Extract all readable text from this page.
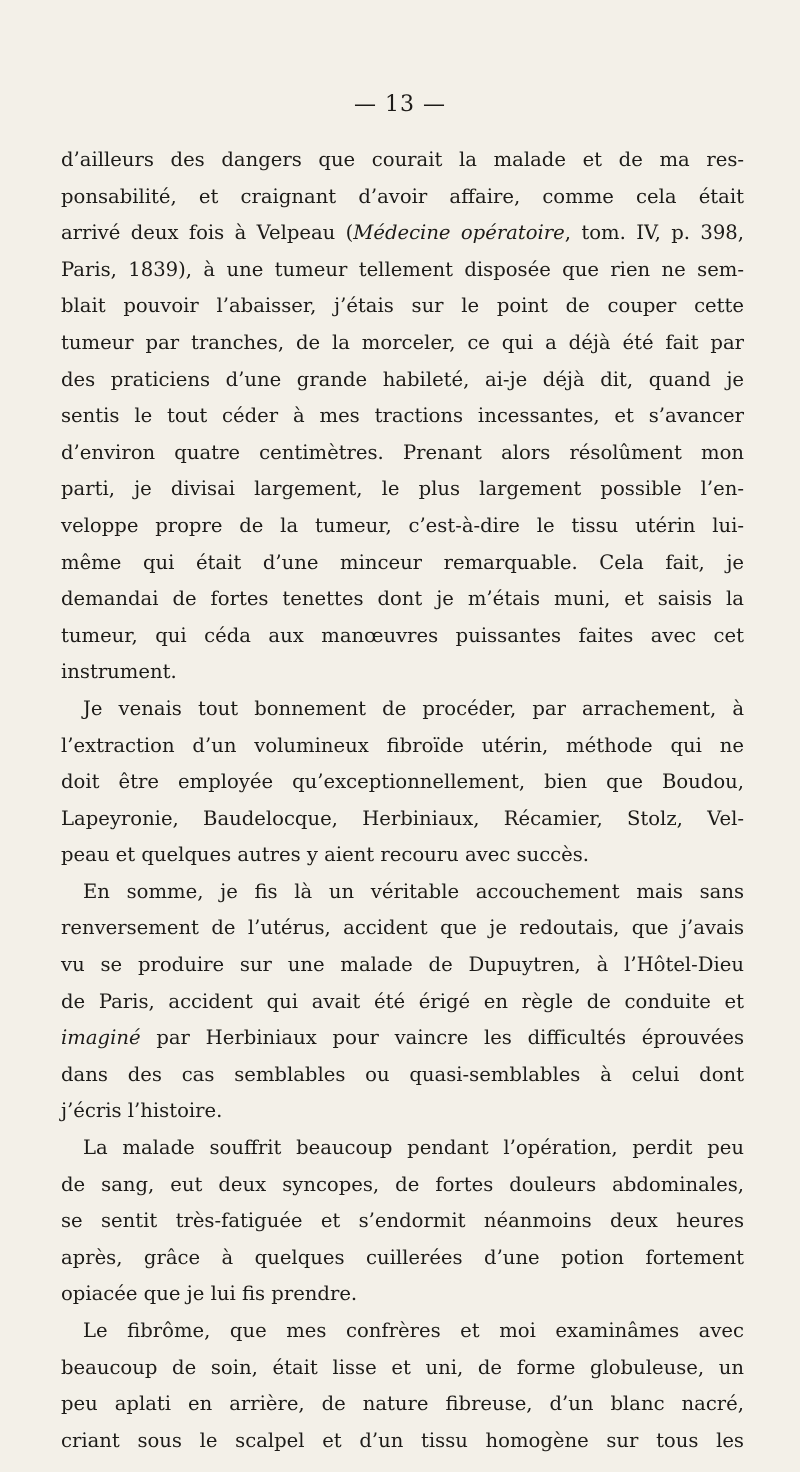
— 13 —
d’ailleurs des dangers que courait la malade et de ma res-
ponsabilité, et craignant d’avoir affaire, comme cela était
arrivé deux fois à Velpeau (Médecine opératoire, tom. IV, p. 398,
Paris, 1839), à une tumeur tellement disposée que rien ne sem-
blait pouvoir l’abaisser, j’étais sur le point de couper cette
tumeur par tranches, de la morceler, ce qui a déjà été fait par
des praticiens d’une grande habileté, ai-je déjà dit, quand je
sentis le tout céder à mes tractions incessantes, et s’avancer
d’environ quatre centimètres. Prenant alors résolûment mon
parti, je divisai largement, le plus largement possible l’en-
veloppe propre de la tumeur, c’est-à-dire le tissu utérin lui-
même qui était d’une minceur remarquable. Cela fait, je
demandai de fortes tenettes dont je m’étais muni, et saisis la
tumeur, qui céda aux manœuvres puissantes faites avec cet
instrument.
Je venais tout bonnement de procéder, par arrachement, à
l’extraction d’un volumineux fibroïde utérin, méthode qui ne
doit être employée qu’exceptionnellement, bien que Boudou,
Lapeyronie, Baudelocque, Herbiniaux, Récamier, Stolz, Vel-
peau et quelques autres y aient recouru avec succès.
En somme, je fis là un véritable accouchement mais sans
renversement de l’utérus, accident que je redoutais, que j’avais
vu se produire sur une malade de Dupuytren, à l’Hôtel-Dieu
de Paris, accident qui avait été érigé en règle de conduite et
imaginé par Herbiniaux pour vaincre les difficultés éprouvées
dans des cas semblables ou quasi-semblables à celui dont
j’écris l’histoire.
La malade souffrit beaucoup pendant l’opération, perdit peu
de sang, eut deux syncopes, de fortes douleurs abdominales,
se sentit très-fatiguée et s’endormit néanmoins deux heures
après, grâce à quelques cuillerées d’une potion fortement
opiacée que je lui fis prendre.
Le fibrôme, que mes confrères et moi examinâmes avec
beaucoup de soin, était lisse et uni, de forme globuleuse, un
peu aplati en arrière, de nature fibreuse, d’un blanc nacré,
criant sous le scalpel et d’un tissu homogène sur tous les
